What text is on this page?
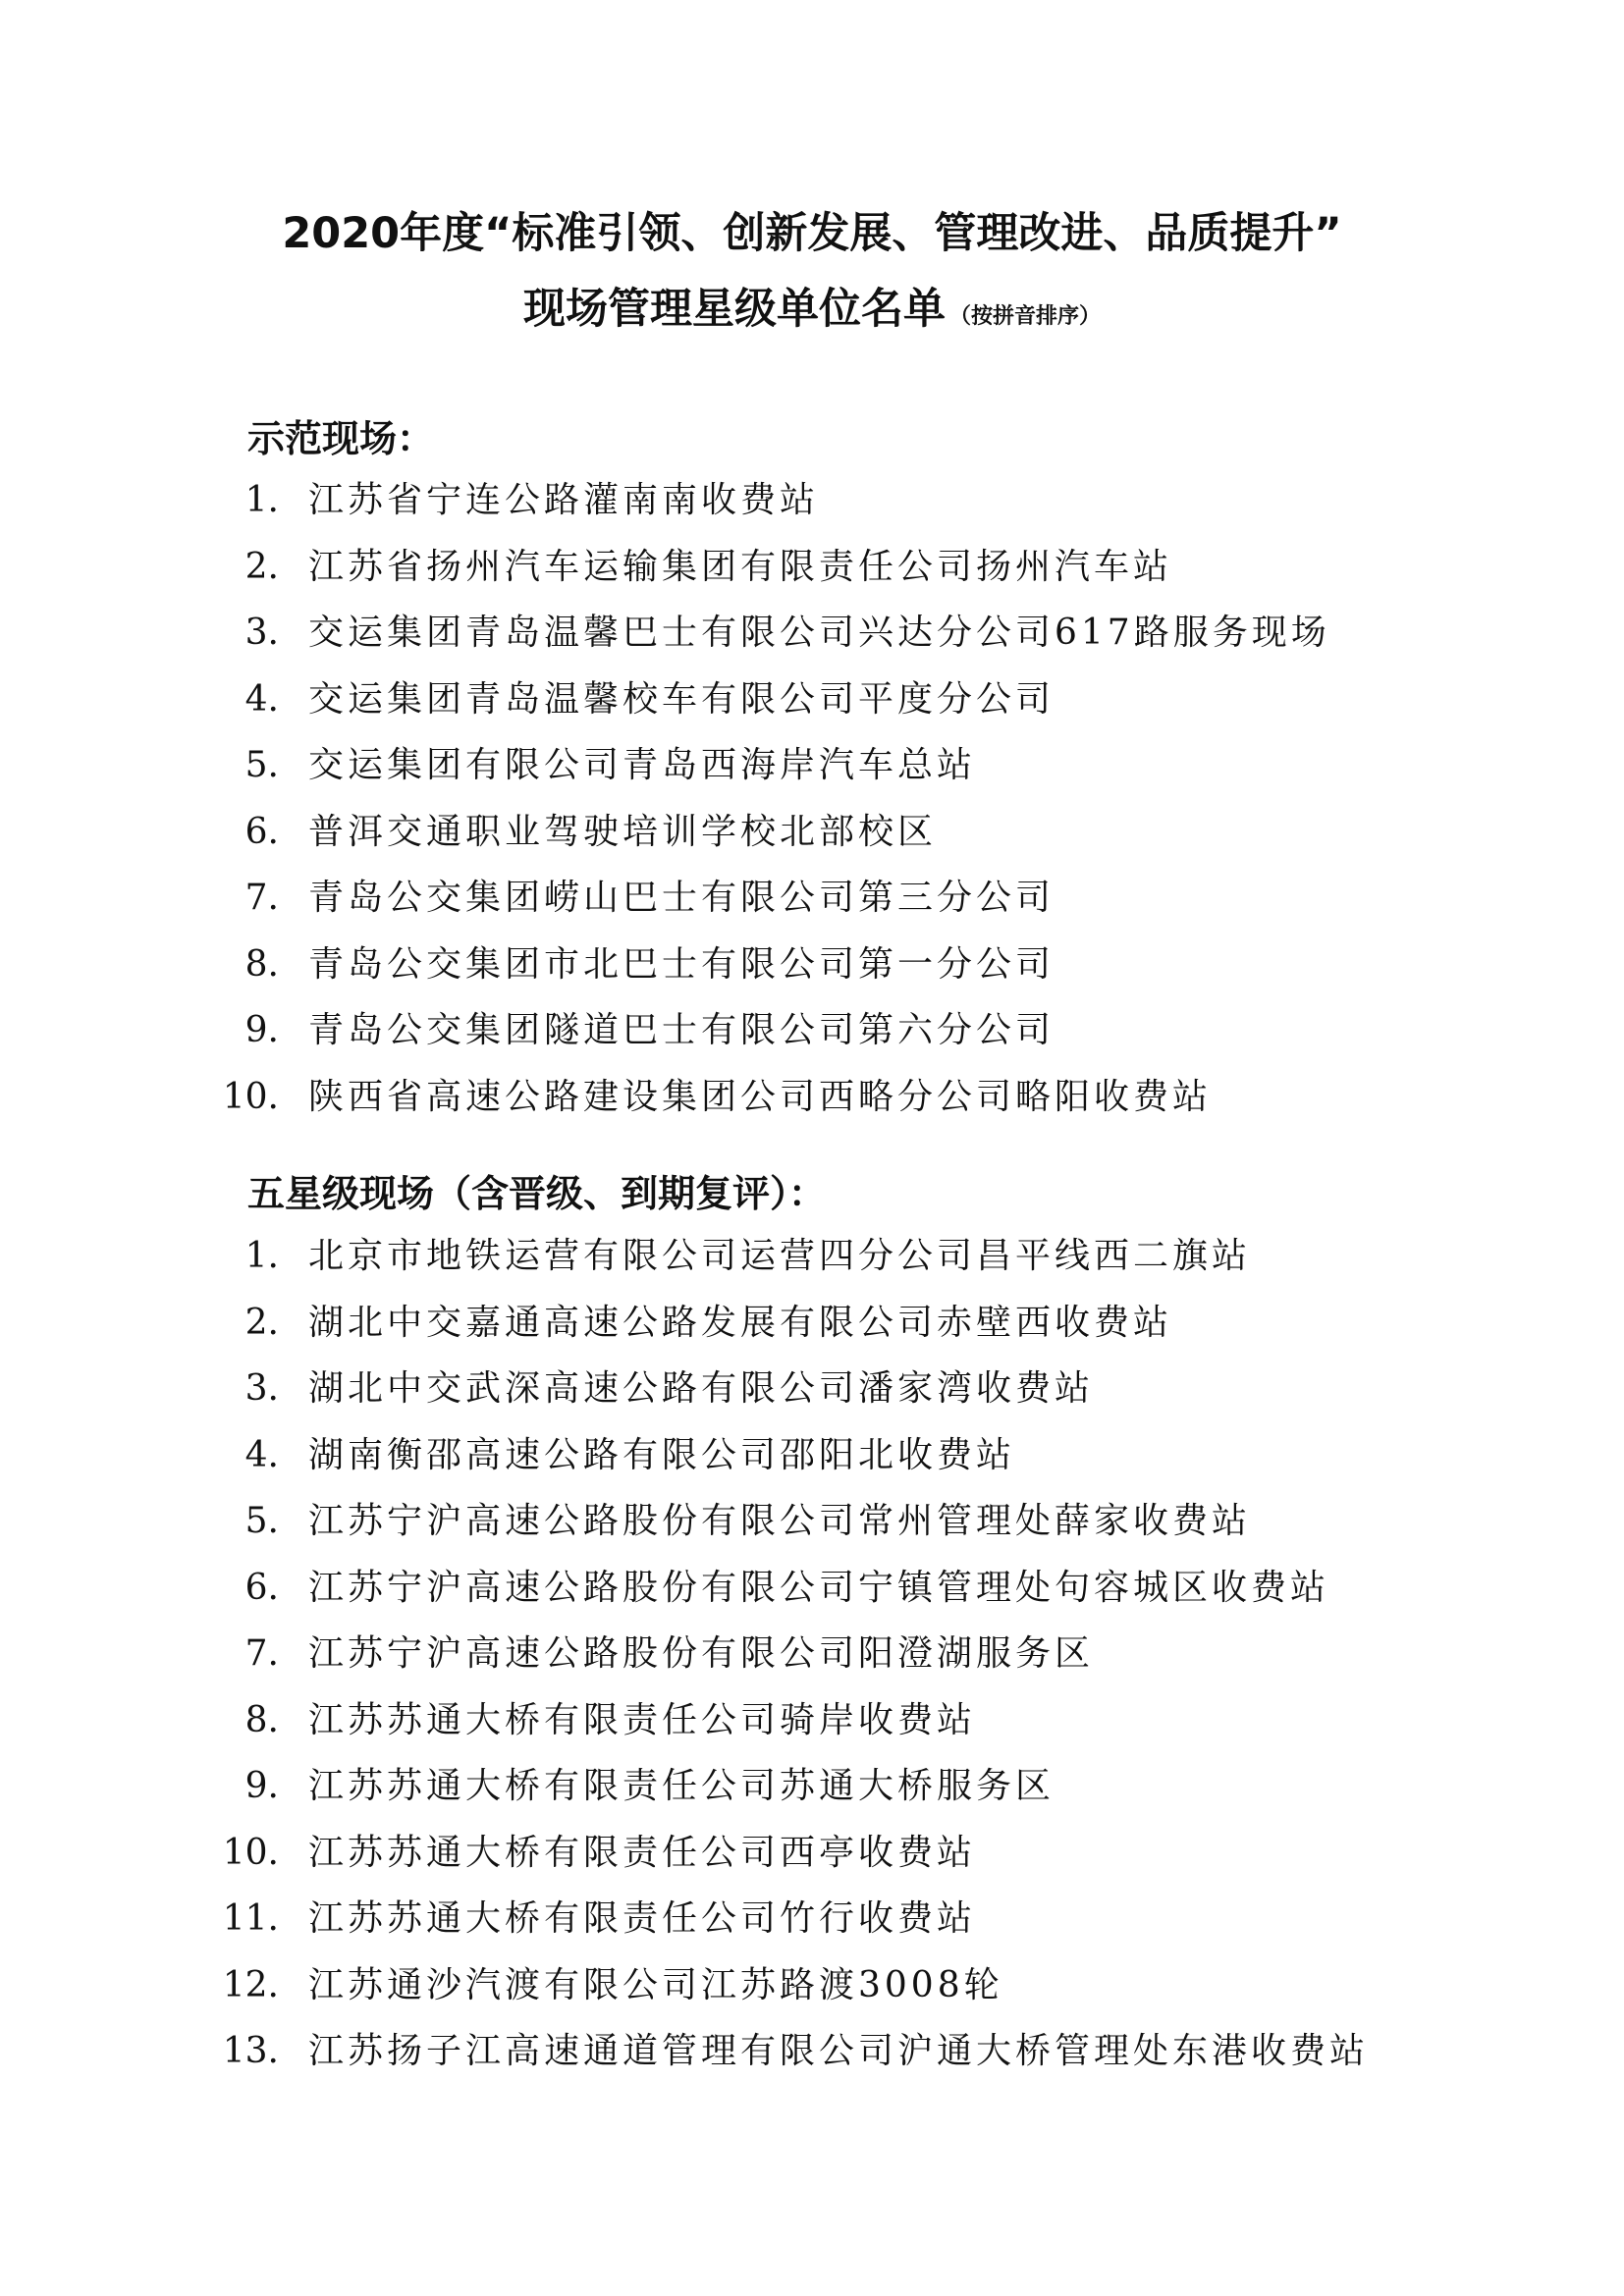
2020年度“标准引领、创新发展、管理改进、品质提升”
现场管理星级单位名单 （按拼音排序）
示范现场：
1. 江苏省宁连公路灌南南收费站
2. 江苏省扬州汽车运输集团有限责任公司扬州汽车站
3. 交运集团青岛温馨巴士有限公司兴达分公司617路服务现场
4. 交运集团青岛温馨校车有限公司平度分公司
5. 交运集团有限公司青岛西海岸汽车总站
6. 普洱交通职业驾驶培训学校北部校区
7. 青岛公交集团崂山巴士有限公司第三分公司
8. 青岛公交集团市北巴士有限公司第一分公司
9. 青岛公交集团隧道巴士有限公司第六分公司
10. 陕西省高速公路建设集团公司西略分公司略阳收费站
五星级现场（含晋级、到期复评）：
1. 北京市地铁运营有限公司运营四分公司昌平线西二旗站
2. 湖北中交嘉通高速公路发展有限公司赤壁西收费站
3. 湖北中交武深高速公路有限公司潘家湾收费站
4. 湖南衡邵高速公路有限公司邵阳北收费站
5. 江苏宁沪高速公路股份有限公司常州管理处薛家收费站
6. 江苏宁沪高速公路股份有限公司宁镇管理处句容城区收费站
7. 江苏宁沪高速公路股份有限公司阳澄湖服务区
8. 江苏苏通大桥有限责任公司骑岸收费站
9. 江苏苏通大桥有限责任公司苏通大桥服务区
10. 江苏苏通大桥有限责任公司西亭收费站
11. 江苏苏通大桥有限责任公司竹行收费站
12. 江苏通沙汽渡有限公司江苏路渡3008轮
13. 江苏扬子江高速通道管理有限公司沪通大桥管理处东港收费站
